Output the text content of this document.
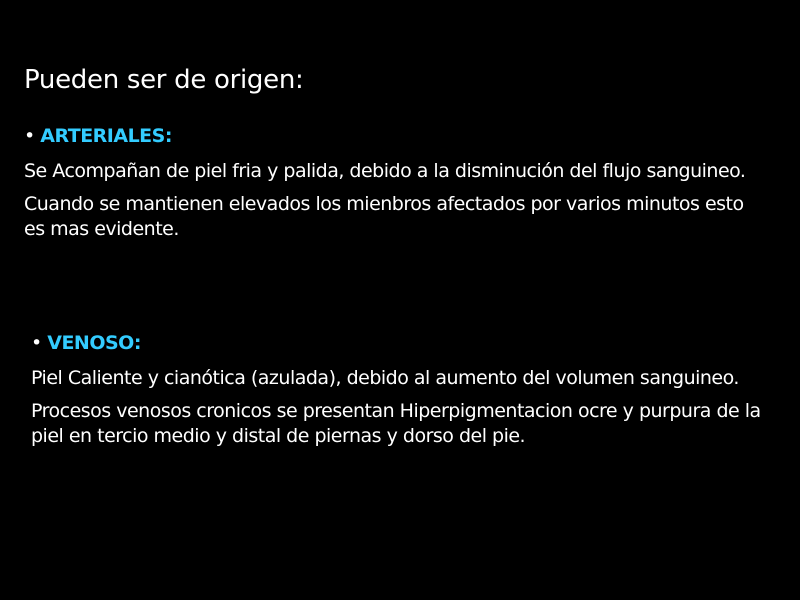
Pueden ser de origen:
• ARTERIALES:

Se Acompañan de piel fria y palida, debido a la disminución del flujo sanguineo.

Cuando se mantienen elevados los mienbros afectados por varios minutos esto es mas evidente.

• VENOSO:

Piel Caliente y cianótica (azulada), debido al aumento del volumen sanguineo.

Procesos venosos cronicos se presentan Hiperpigmentacion ocre y purpura de la piel en tercio medio y distal de piernas y dorso del pie.
